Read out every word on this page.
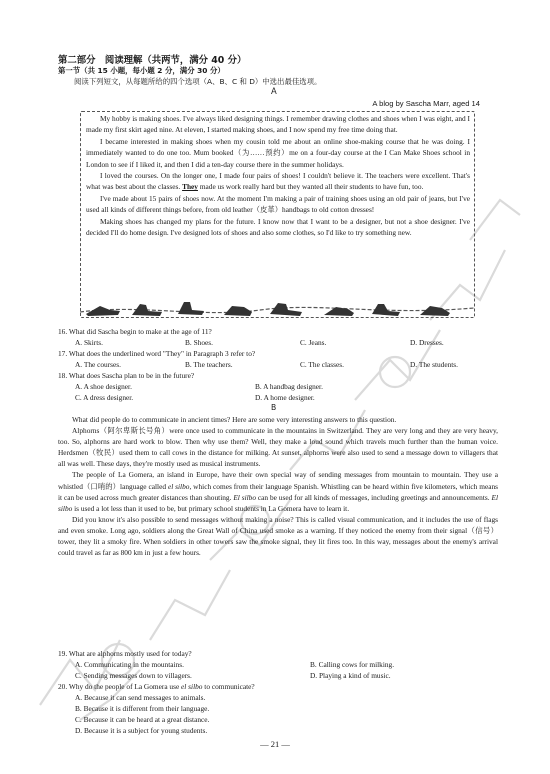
第二部分　阅读理解（共两节，满分 40 分）
第一节（共 15 小题，每小题 2 分，满分 30 分）
阅读下列短文，从每题所给的四个选项（A、B、C 和 D）中选出最佳选项。
A
A blog by Sascha Marr, aged 14

My hobby is making shoes. I've always liked designing things. I remember drawing clothes and shoes when I was eight, and I made my first skirt aged nine. At eleven, I started making shoes, and I now spend my free time doing that.

I became interested in making shoes when my cousin told me about an online shoe-making course that he was doing. I immediately wanted to do one too. Mum booked（为……预约）me on a four-day course at the I Can Make Shoes school in London to see if I liked it, and then I did a ten-day course there in the summer holidays.

I loved the courses. On the longer one, I made four pairs of shoes! I couldn't believe it. The teachers were excellent. That's what was best about the classes. They made us work really hard but they wanted all their students to have fun, too.

I've made about 15 pairs of shoes now. At the moment I'm making a pair of training shoes using an old pair of jeans, but I've used all kinds of different things before, from old leather（皮革）handbags to old cotton dresses!

Making shoes has changed my plans for the future. I know now that I want to be a designer, but not a shoe designer. I've decided I'll do home design. I've designed lots of shoes and also some clothes, so I'd like to try something new.

16. What did Sascha begin to make at the age of 11?
A. Skirts.	B. Shoes.	C. Jeans.	D. Dresses.
17. What does the underlined word "They" in Paragraph 3 refer to?
A. The courses.	B. The teachers.	C. The classes.	D. The students.
18. What does Sascha plan to be in the future?
A. A shoe designer.	B. A handbag designer.
C. A dress designer.	D. A home designer.
B

What did people do to communicate in ancient times? Here are some very interesting answers to this question.

Alphorns（阿尔卑斯长号角）were once used to communicate in the mountains in Switzerland. They are very long and they are very heavy, too. So, alphorns are hard work to blow. Then why use them? Well, they make a loud sound which travels much further than the human voice. Herdsmen（牧民）used them to call cows in the distance for milking. At sunset, alphorns were also used to send a message down to villagers that all was well. These days, they're mostly used as musical instruments.

The people of La Gomera, an island in Europe, have their own special way of sending messages from mountain to mountain. They use a whistled（口哨的）language called el silbo, which comes from their language Spanish. Whistling can be heard within five kilometers, which means it can be used across much greater distances than shouting. El silbo can be used for all kinds of messages, including greetings and announcements. El silbo is used a lot less than it used to be, but primary school students in La Gomera have to learn it.

Did you know it's also possible to send messages without making a noise? This is called visual communication, and it includes the use of flags and even smoke. Long ago, soldiers along the Great Wall of China used smoke as a warning. If they noticed the enemy from their signal（信号）tower, they lit a smoky fire. When soldiers in other towers saw the smoke signal, they lit fires too. In this way, messages about the enemy's arrival could travel as far as 800 km in just a few hours.

19. What are alphorns mostly used for today?
A. Communicating in the mountains.	B. Calling cows for milking.
C. Sending messages down to villagers.	D. Playing a kind of music.
20. Why do the people of La Gomera use el silbo to communicate?
A. Because it can send messages to animals.
B. Because it is different from their language.
C. Because it can be heard at a great distance.
D. Because it is a subject for young students.
— 21 —
